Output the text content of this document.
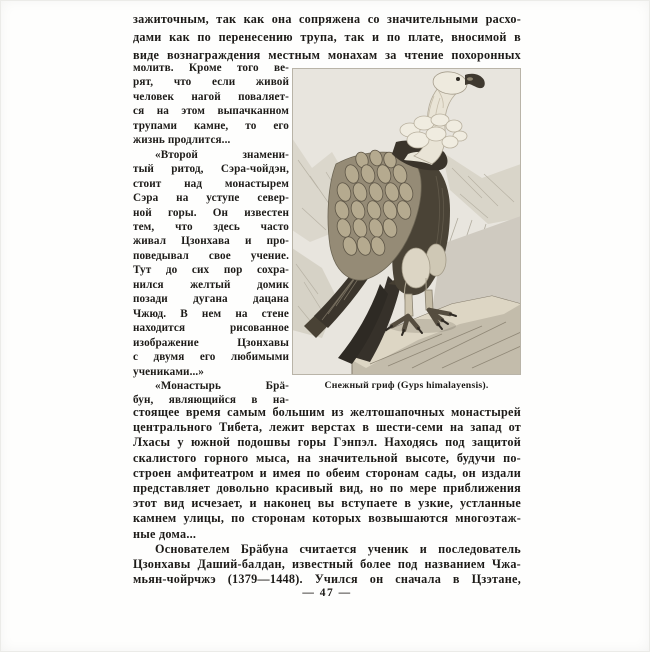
зажиточным, так как она сопряжена со значительными расхо-
дами как по перенесению трупа, так и по плате, вносимой в
виде вознаграждения местным монахам за чтение похоронных
молитв. Кроме того ве-
рят, что если живой
человек нагой поваляет-
ся на этом выпачканном
трупами камне, то его
жизнь продлится...
«Второй знамени-
тый ритод, Сэра-чойдэн,
стоит над монастырем
Сэра на уступе север-
ной горы. Он известен
тем, что здесь часто
живал Цзонхава и про-
поведывал свое учение.
Тут до сих пор сохра-
нился желтый домик
позади дугана дацана
Чжюд. В нем на стене
находится рисованное
изображение Цзонхавы
с двумя его любимыми
учениками...»
«Монастырь Брӓ-
бун, являющийся в на-
Снежный гриф (Gyps himalayensis).
стоящее время самым большим из желтошапочных монастырей
центрального Тибета, лежит верстах в шести-семи на запад от
Лхасы у южной подошвы горы Гэнпэл. Находясь под защитой
скалистого горного мыса, на значительной высоте, будучи по-
строен амфитеатром и имея по обеим сторонам сады, он издали
представляет довольно красивый вид, но по мере приближения
этот вид исчезает, и наконец вы вступаете в узкие, устланные
камнем улицы, по сторонам которых возвышаются многоэтаж-
ные дома...
Основателем Брӓбуна считается ученик и последователь
Цзонхавы Даший-балдан, известный более под названием Чжа-
мьян-чойрчжэ (1379—1448). Учился он сначала в Цзэтане,
— 47 —
